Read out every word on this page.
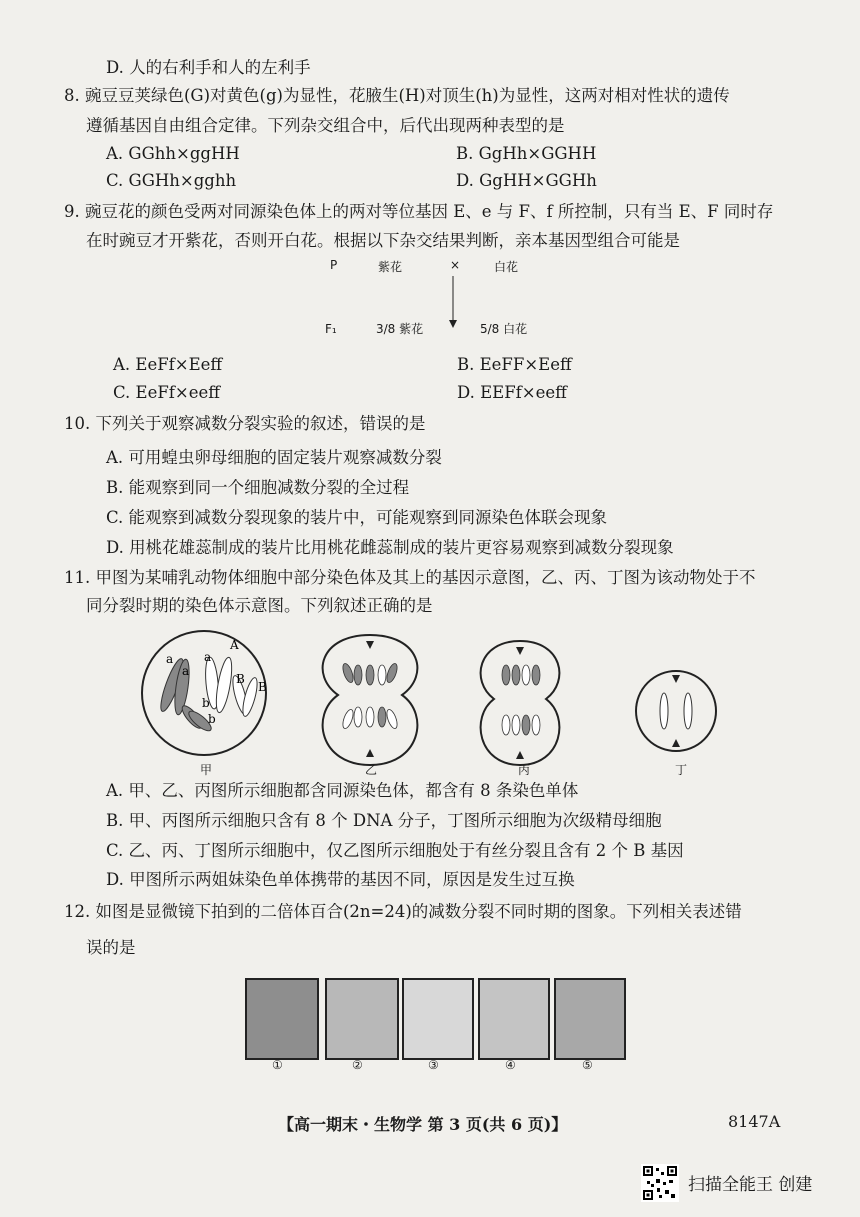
D. 人的右利手和人的左利手
8. 豌豆豆荚绿色(G)对黄色(g)为显性，花腋生(H)对顶生(h)为显性，这两对相对性状的遗传
遵循基因自由组合定律。下列杂交组合中，后代出现两种表型的是
A. GGhh×ggHH	B. GgHh×GGHH
C. GGHh×gghh	D. GgHH×GGHh
9. 豌豆花的颜色受两对同源染色体上的两对等位基因 E、e 与 F、f 所控制，只有当 E、F 同时存
在时豌豆才开紫花，否则开白花。根据以下杂交结果判断，亲本基因型组合可能是
P	紫花	×	白花
F₁	3/8 紫花	5/8 白花
A. EeFf×Eeff	B. EeFF×Eeff
C. EeFf×eeff	D. EEFf×eeff
10. 下列关于观察减数分裂实验的叙述，错误的是
A. 可用蝗虫卵母细胞的固定装片观察减数分裂
B. 能观察到同一个细胞减数分裂的全过程
C. 能观察到减数分裂现象的装片中，可能观察到同源染色体联会现象
D. 用桃花雄蕊制成的装片比用桃花雌蕊制成的装片更容易观察到减数分裂现象
11. 甲图为某哺乳动物体细胞中部分染色体及其上的基因示意图，乙、丙、丁图为该动物处于不
同分裂时期的染色体示意图。下列叙述正确的是
a
a
A
a
B
B
b
b
甲	乙	丙	丁
A. 甲、乙、丙图所示细胞都含同源染色体，都含有 8 条染色单体
B. 甲、丙图所示细胞只含有 8 个 DNA 分子，丁图所示细胞为次级精母细胞
C. 乙、丙、丁图所示细胞中，仅乙图所示细胞处于有丝分裂且含有 2 个 B 基因
D. 甲图所示两姐妹染色单体携带的基因不同，原因是发生过互换
12. 如图是显微镜下拍到的二倍体百合(2n=24)的减数分裂不同时期的图象。下列相关表述错
误的是
①	②	③	④	⑤
【高一期末・生物学 第 3 页(共 6 页)】	8147A
扫描全能王 创建
